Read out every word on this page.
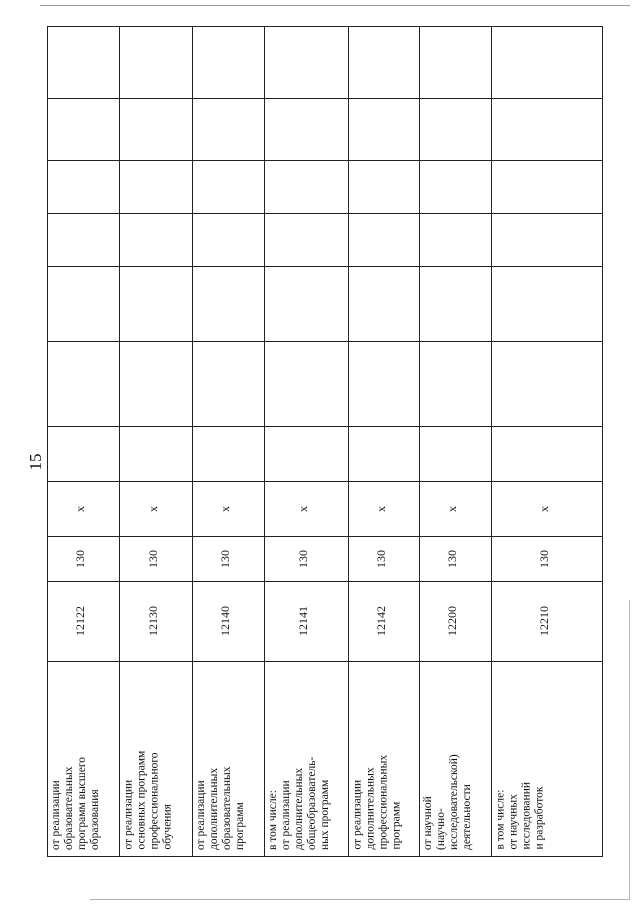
15
от реализации
образовательных
программ высшего
образования
12122
130
x
от реализации
основных программ
профессионального
обучения
12130
130
x
от реализации
дополнительных
образовательных
программ
12140
130
x
в том числе:
от реализации
дополнительных
общеобразователь-
ных программ
12141
130
x
от реализации
дополнительных
профессиональных
программ
12142
130
x
от научной
(научно-
исследовательской)
деятельности
12200
130
x
в том числе:
от научных
исследований
и разработок
12210
130
x
